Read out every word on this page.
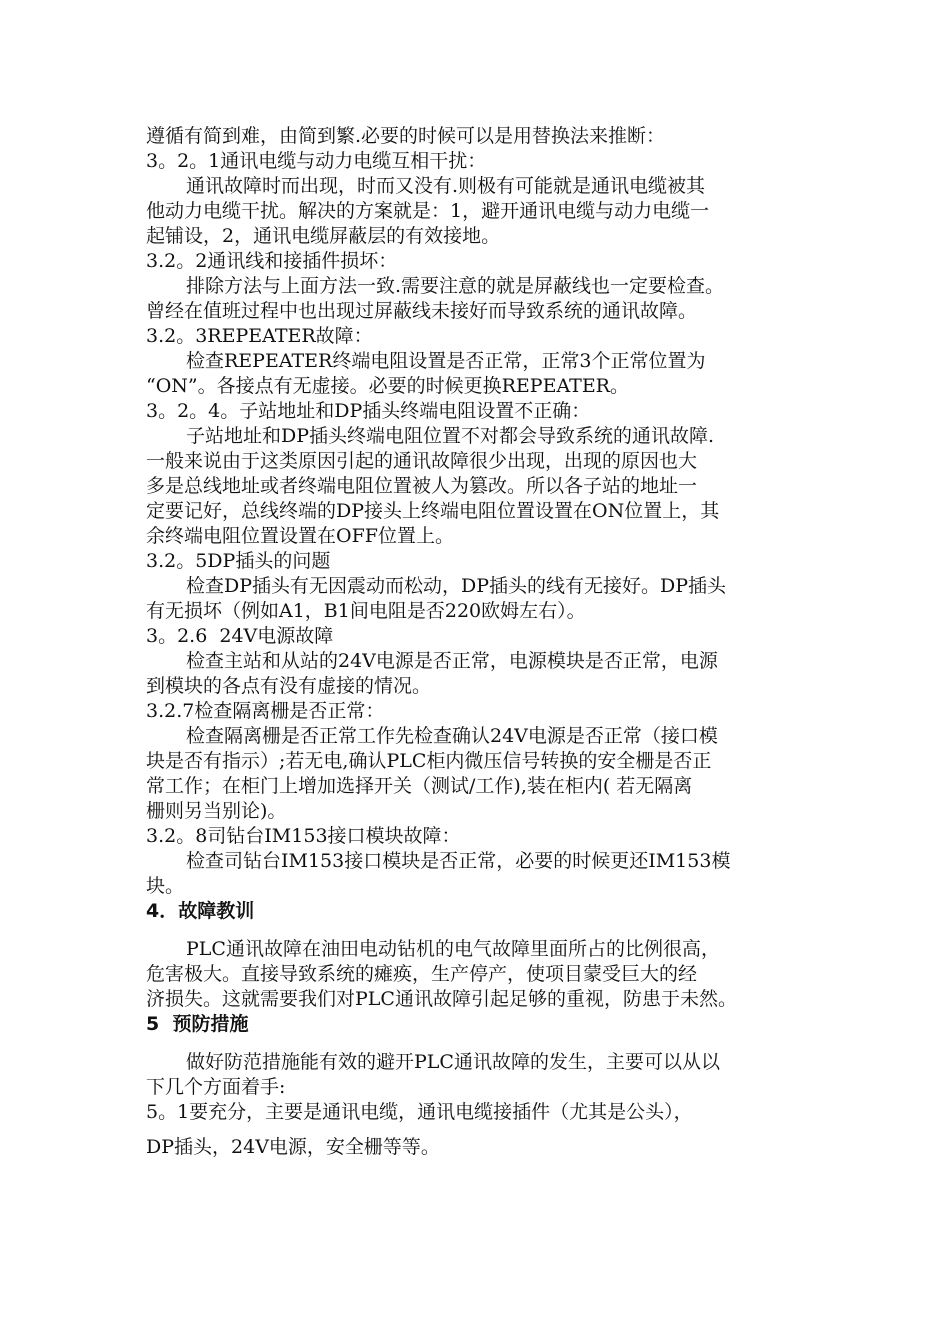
遵循有简到难，由简到繁.必要的时候可以是用替换法来推断：
3。2。1通讯电缆与动力电缆互相干扰：
通讯故障时而出现，时而又没有.则极有可能就是通讯电缆被其
他动力电缆干扰。解决的方案就是：1，避开通讯电缆与动力电缆一
起铺设，2，通讯电缆屏蔽层的有效接地。
3.2。2通讯线和接插件损坏：
排除方法与上面方法一致.需要注意的就是屏蔽线也一定要检查。
曾经在值班过程中也出现过屏蔽线未接好而导致系统的通讯故障。
3.2。3REPEATER故障：
检查REPEATER终端电阻设置是否正常，正常3个正常位置为
“ON”。各接点有无虚接。必要的时候更换REPEATER。
3。2。4。子站地址和DP插头终端电阻设置不正确：
子站地址和DP插头终端电阻位置不对都会导致系统的通讯故障.
一般来说由于这类原因引起的通讯故障很少出现，出现的原因也大
多是总线地址或者终端电阻位置被人为篡改。所以各子站的地址一
定要记好，总线终端的DP接头上终端电阻位置设置在ON位置上，其
余终端电阻位置设置在OFF位置上。
3.2。5DP插头的问题
检查DP插头有无因震动而松动，DP插头的线有无接好。DP插头
有无损坏（例如A1，B1间电阻是否220欧姆左右）。
3。2.6  24V电源故障
检查主站和从站的24V电源是否正常，电源模块是否正常，电源
到模块的各点有没有虚接的情况。
3.2.7检查隔离栅是否正常：
检查隔离栅是否正常工作先检查确认24V电源是否正常（接口模
块是否有指示）;若无电,确认PLC柜内微压信号转换的安全栅是否正
常工作；在柜门上增加选择开关（测试/工作),装在柜内( 若无隔离
栅则另当别论)。
3.2。8司钻台IM153接口模块故障：
检查司钻台IM153接口模块是否正常，必要的时候更还IM153模
块。
4．故障教训
PLC通讯故障在油田电动钻机的电气故障里面所占的比例很高，
危害极大。直接导致系统的瘫痪，生产停产，使项目蒙受巨大的经
济损失。这就需要我们对PLC通讯故障引起足够的重视，防患于未然。
5  预防措施
做好防范措施能有效的避开PLC通讯故障的发生，主要可以从以
下几个方面着手:
5。1要充分，主要是通讯电缆，通讯电缆接插件（尤其是公头），
DP插头，24V电源，安全栅等等。
